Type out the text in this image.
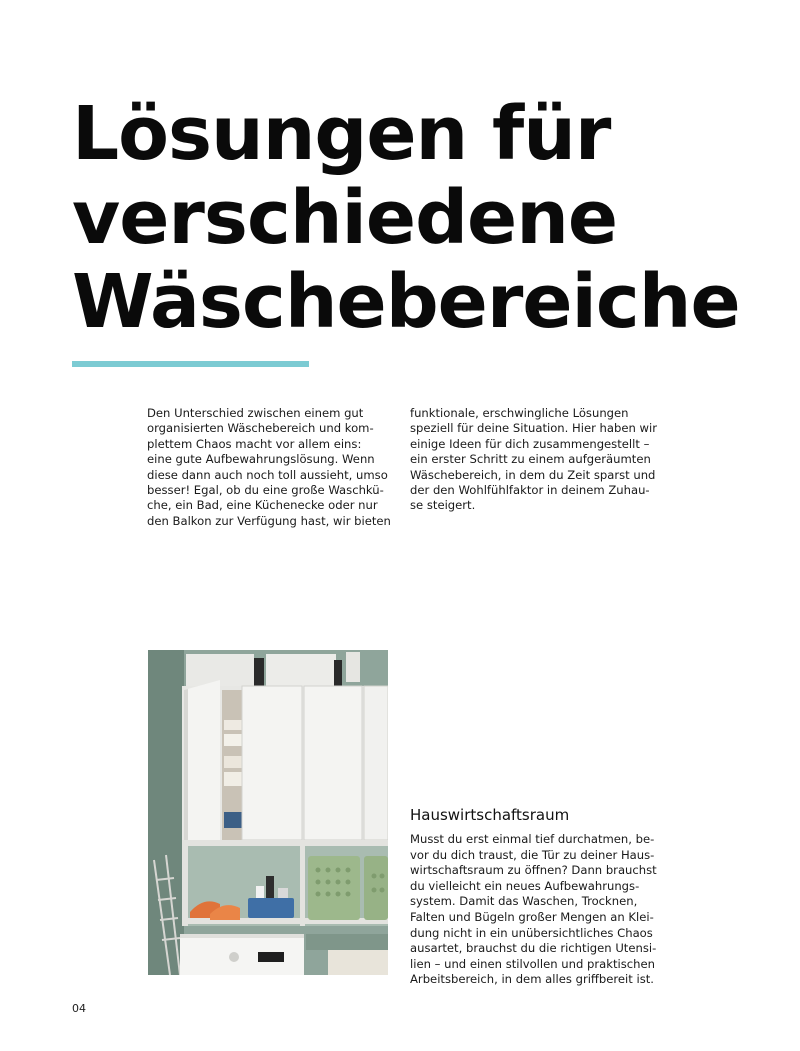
Lösungen für
verschiedene
Wäschebereiche
Den Unterschied zwischen einem gut
organisierten Wäschebereich und kom-
plettem Chaos macht vor allem eins:
eine gute Aufbewahrungslösung. Wenn
diese dann auch noch toll aussieht, umso
besser! Egal, ob du eine große Waschkü-
che, ein Bad, eine Küchenecke oder nur
den Balkon zur Verfügung hast, wir bieten
funktionale, erschwingliche Lösungen
speziell für deine Situation. Hier haben wir
einige Ideen für dich zusammengestellt –
ein erster Schritt zu einem aufgeräumten
Wäschebereich, in dem du Zeit sparst und
der den Wohlfühlfaktor in deinem Zuhau-
se steigert.
Hauswirtschaftsraum
Musst du erst einmal tief durchatmen, be-
vor du dich traust, die Tür zu deiner Haus-
wirtschaftsraum zu öffnen? Dann brauchst
du vielleicht ein neues Aufbewahrungs-
system. Damit das Waschen, Trocknen,
Falten und Bügeln großer Mengen an Klei-
dung nicht in ein unübersichtliches Chaos
ausartet, brauchst du die richtigen Utensi-
lien – und einen stilvollen und praktischen
Arbeitsbereich, in dem alles griffbereit ist.
04
